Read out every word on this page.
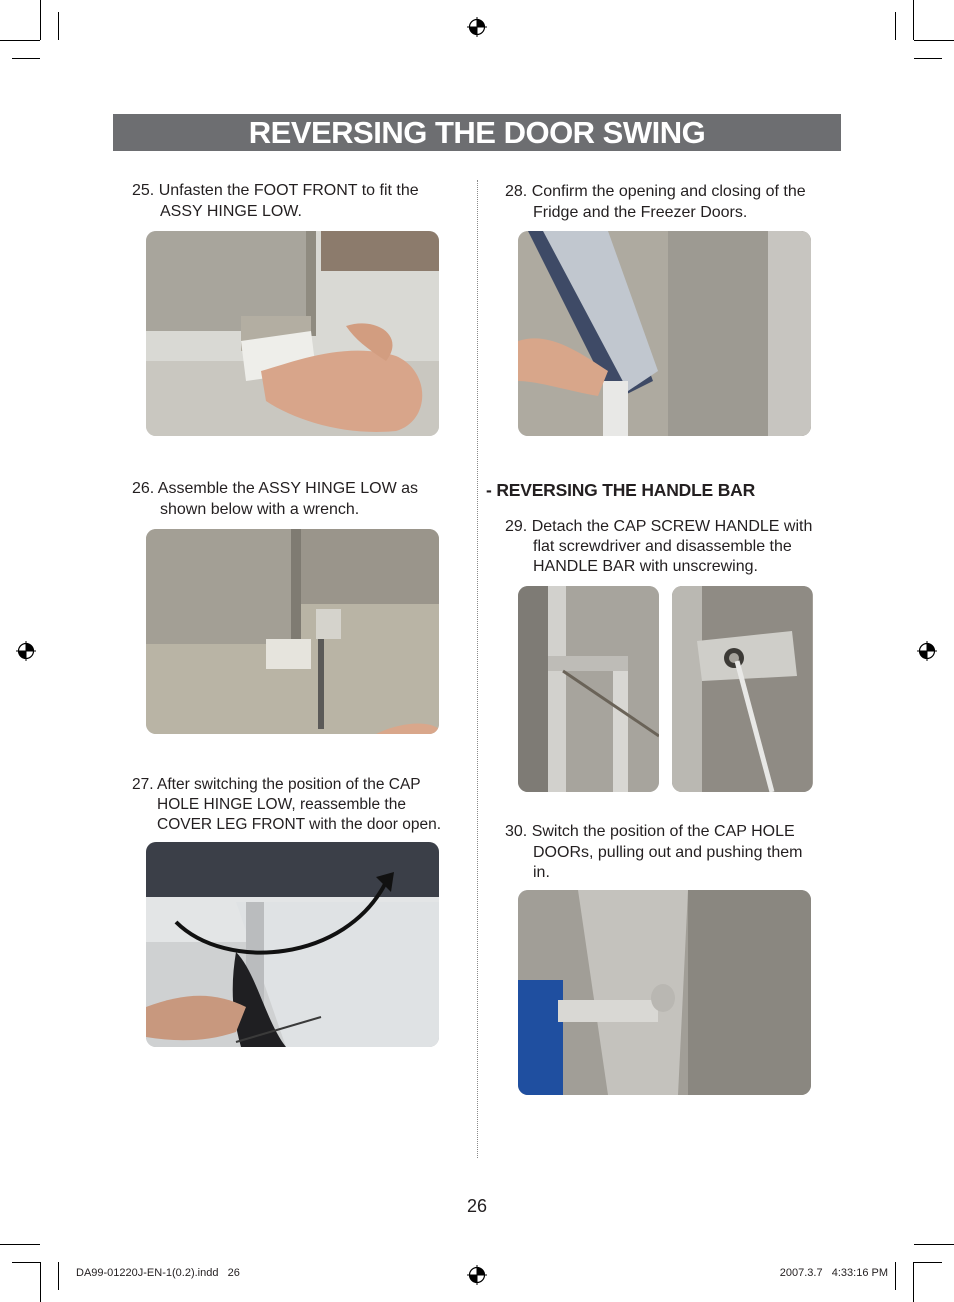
REVERSING THE DOOR SWING
25. Unfasten the FOOT FRONT to fit the
ASSY HINGE LOW.
26. Assemble the ASSY HINGE LOW as
shown below with a wrench.
27. After switching the position of the CAP
HOLE HINGE LOW, reassemble the
COVER LEG FRONT with the door open.
28. Confirm the opening and closing of the
Fridge and the Freezer Doors.
- REVERSING THE HANDLE BAR
29. Detach the CAP SCREW HANDLE with
flat screwdriver and disassemble the
HANDLE BAR with unscrewing.
30. Switch the position of the CAP HOLE
DOORs, pulling out and pushing them
in.
26
DA99-01220J-EN-1(0.2).indd   26	2007.3.7   4:33:16 PM
